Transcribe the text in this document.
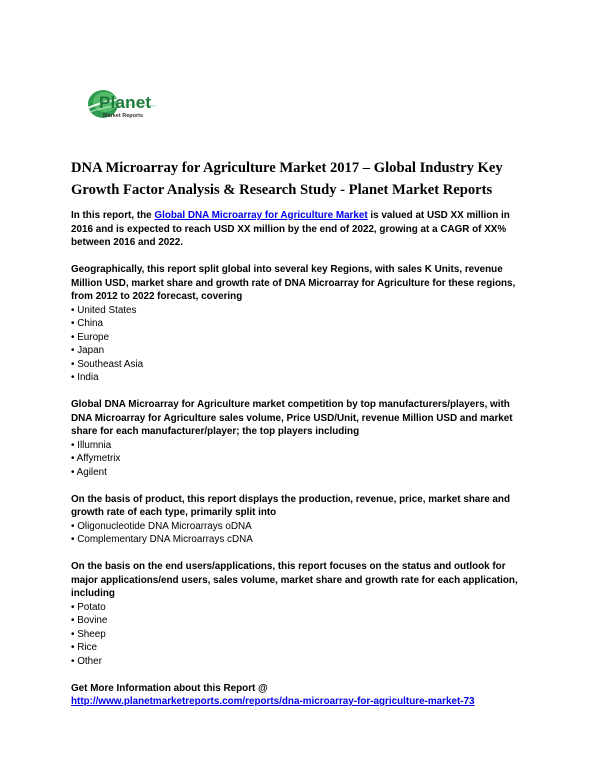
Planet
Market Reports
DNA Microarray for Agriculture Market 2017 – Global Industry Key Growth Factor Analysis & Research Study - Planet Market Reports

In this report, the Global DNA Microarray for Agriculture Market is valued at USD XX million in 2016 and is expected to reach USD XX million by the end of 2022, growing at a CAGR of XX% between 2016 and 2022.

Geographically, this report split global into several key Regions, with sales K Units, revenue Million USD, market share and growth rate of DNA Microarray for Agriculture for these regions, from 2012 to 2022 forecast, covering

• United States
• China
• Europe
• Japan
• Southeast Asia
• India

Global DNA Microarray for Agriculture market competition by top manufacturers/players, with DNA Microarray for Agriculture sales volume, Price USD/Unit, revenue Million USD and market share for each manufacturer/player; the top players including

• Illumnia
• Affymetrix
• Agilent

On the basis of product, this report displays the production, revenue, price, market share and growth rate of each type, primarily split into

• Oligonucleotide DNA Microarrays oDNA
• Complementary DNA Microarrays cDNA

On the basis on the end users/applications, this report focuses on the status and outlook for major applications/end users, sales volume, market share and growth rate for each application, including

• Potato
• Bovine
• Sheep
• Rice
• Other

Get More Information about this Report @

http://www.planetmarketreports.com/reports/dna-microarray-for-agriculture-market-73
